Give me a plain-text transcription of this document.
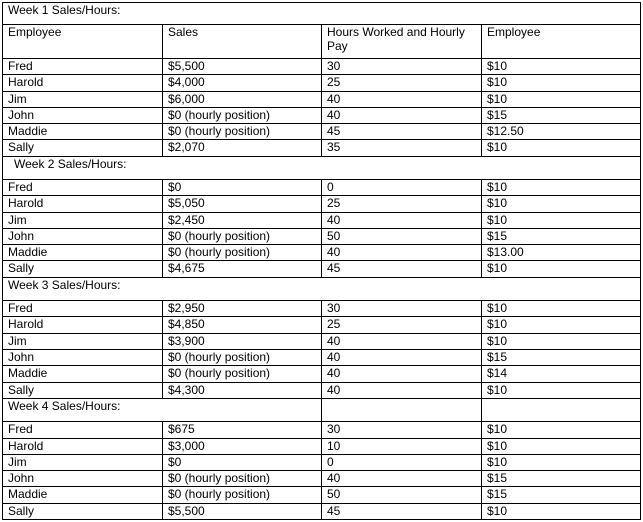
Week 1 Sales/Hours:			
Employee	Sales	Hours Worked and Hourly Pay	Employee
Fred	$5,500	30	$10
Harold	$4,000	25	$10
Jim	$6,000	40	$10
John	$0 (hourly position)	40	$15
Maddie	$0 (hourly position)	45	$12.50
Sally	$2,070	35	$10
Week 2 Sales/Hours:			
Fred	$0	0	$10
Harold	$5,050	25	$10
Jim	$2,450	40	$10
John	$0 (hourly position)	50	$15
Maddie	$0 (hourly position)	40	$13.00
Sally	$4,675	45	$10
Week 3 Sales/Hours:			
Fred	$2,950	30	$10
Harold	$4,850	25	$10
Jim	$3,900	40	$10
John	$0 (hourly position)	40	$15
Maddie	$0 (hourly position)	40	$14
Sally	$4,300	40	$10
Week 4 Sales/Hours:			
Fred	$675	30	$10
Harold	$3,000	10	$10
Jim	$0	0	$10
John	$0 (hourly position)	40	$15
Maddie	$0 (hourly position)	50	$15
Sally	$5,500	45	$10
